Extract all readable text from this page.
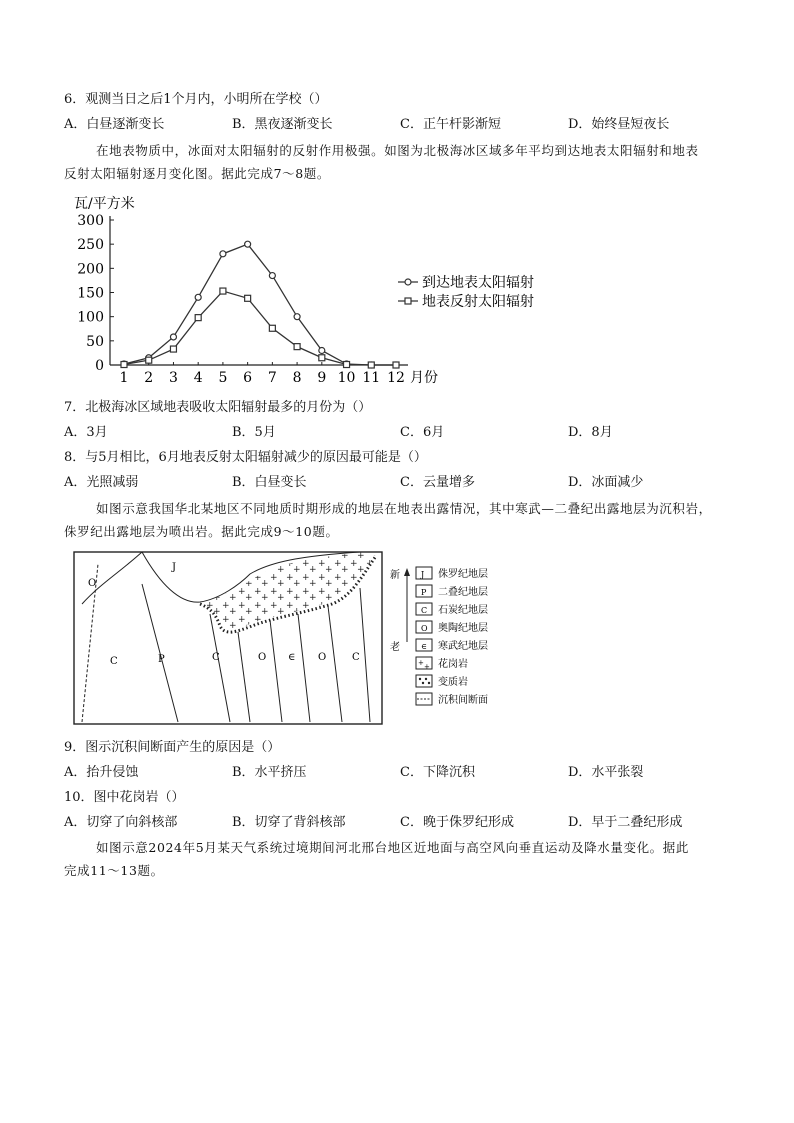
6．观测当日之后1个月内，小明所在学校（）
A．白昼逐渐变长	B．黑夜逐渐变长	C．正午杆影渐短	D．始终昼短夜长
在地表物质中，冰面对太阳辐射的反射作用极强。如图为北极海冰区域多年平均到达地表太阳辐射和地表
反射太阳辐射逐月变化图。据此完成7～8题。
瓦/平方米
0
50
100
150
200
250
300
1 2 3 4 5 6 7 8 9 10 11 12 月份
到达地表太阳辐射
地表反射太阳辐射
7．北极海冰区域地表吸收太阳辐射最多的月份为（）
A．3月	B．5月	C．6月	D．8月
8．与5月相比，6月地表反射太阳辐射减少的原因最可能是（）
A．光照减弱	B．白昼变长	C．云量增多	D．冰面减少
如图示意我国华北某地区不同地质时期形成的地层在地表出露情况，其中寒武—二叠纪出露地层为沉积岩，
侏罗纪出露地层为喷出岩。据此完成9～10题。
O
J
C	P	C	O ∈ O	C
新
老
J 侏罗纪地层
P 二叠纪地层
C 石炭纪地层
O 奥陶纪地层
∈ 寒武纪地层
+ + 花岗岩
变质岩
沉积间断面
9．图示沉积间断面产生的原因是（）
A．抬升侵蚀	B．水平挤压	C．下降沉积	D．水平张裂
10．图中花岗岩（）
A．切穿了向斜核部	B．切穿了背斜核部	C．晚于侏罗纪形成	D．早于二叠纪形成
如图示意2024年5月某天气系统过境期间河北邢台地区近地面与高空风向垂直运动及降水量变化。据此
完成11～13题。
